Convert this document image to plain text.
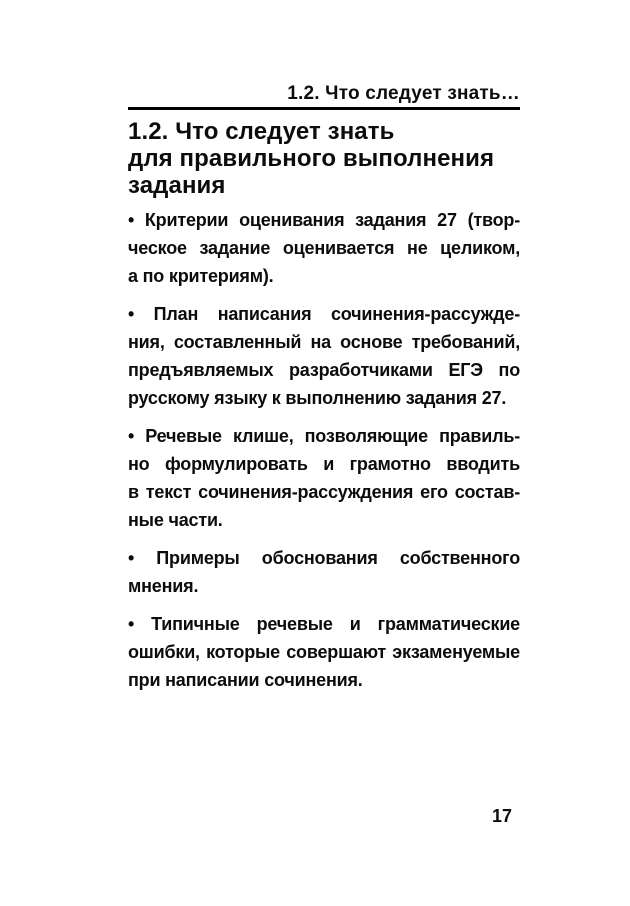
1.2. Что следует знать…
1.2. Что следует знать
для правильного выполнения
задания
• Критерии оценивания задания 27 (твор-
ческое задание оценивается не целиком,
а по критериям).
• План написания сочинения-рассужде-
ния, составленный на основе требований,
предъявляемых разработчиками ЕГЭ по
русскому языку к выполнению задания 27.
• Речевые клише, позволяющие правиль-
но формулировать и грамотно вводить
в текст сочинения-рассуждения его состав-
ные части.
• Примеры обоснования собственного
мнения.
• Типичные речевые и грамматические
ошибки, которые совершают экзаменуемые
при написании сочинения.
17
